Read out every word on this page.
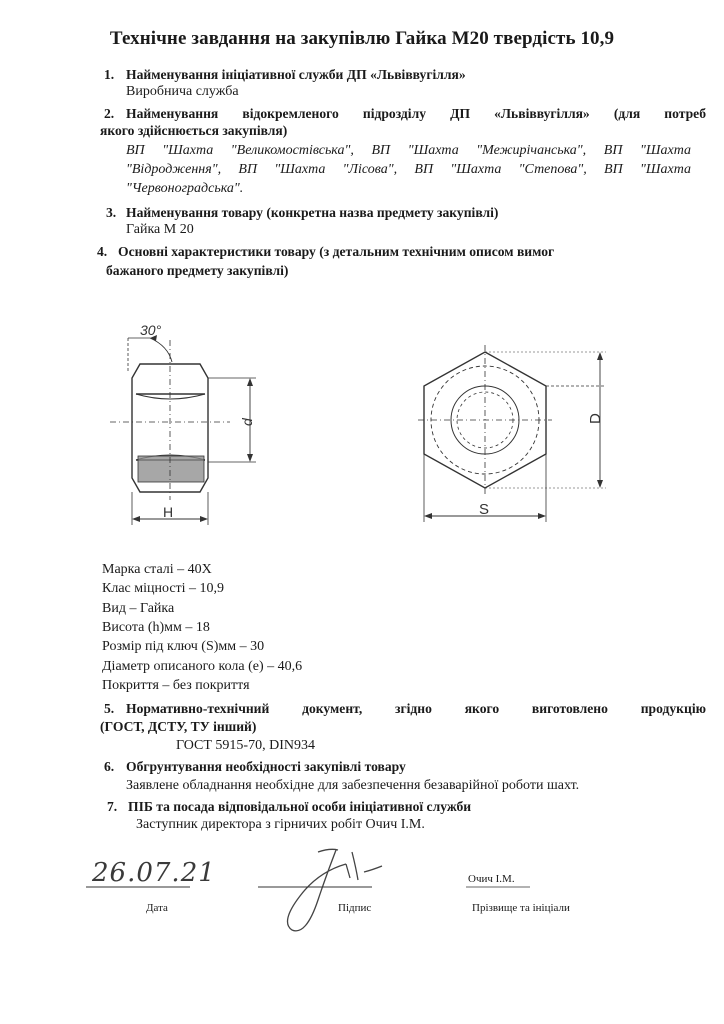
Технічне завдання на закупівлю Гайка М20 твердість 10,9
1. Найменування ініціативної служби ДП «Львіввугілля»
Виробнича служба
2. Найменування відокремленого підрозділу ДП «Львіввугілля» (для потреб
якого здійснюється закупівля)
ВП "Шахта "Великомостівська", ВП "Шахта "Межирічанська", ВП "Шахта
"Відродження", ВП "Шахта "Лісова", ВП "Шахта "Степова", ВП "Шахта
"Червоноградська".
3. Найменування товару (конкретна назва предмету закупівлі)
Гайка М 20
4. Основні характеристики товару (з детальним технічним описом вимог
бажаного предмету закупівлі)
30°
d
H
D
S
Марка сталі – 40Х
Клас міцності – 10,9
Вид – Гайка
Висота (h)мм – 18
Розмір під ключ (S)мм – 30
Діаметр описаного кола (е) – 40,6
Покриття – без покриття
5. Нормативно-технічний документ, згідно якого виготовлено продукцію
(ГОСТ, ДСТУ, ТУ інший)
ГОСТ 5915-70, DIN934
6. Обгрунтування необхідності закупівлі товару
Заявлене обладнання необхідне для забезпечення безаварійної роботи шахт.
7. ПІБ та посада відповідальної особи ініціативної служби
Заступник директора з гірничих робіт Очич І.М.
26.07.21
Дата	Підпис
Очич І.М.
Прізвище та ініціали
